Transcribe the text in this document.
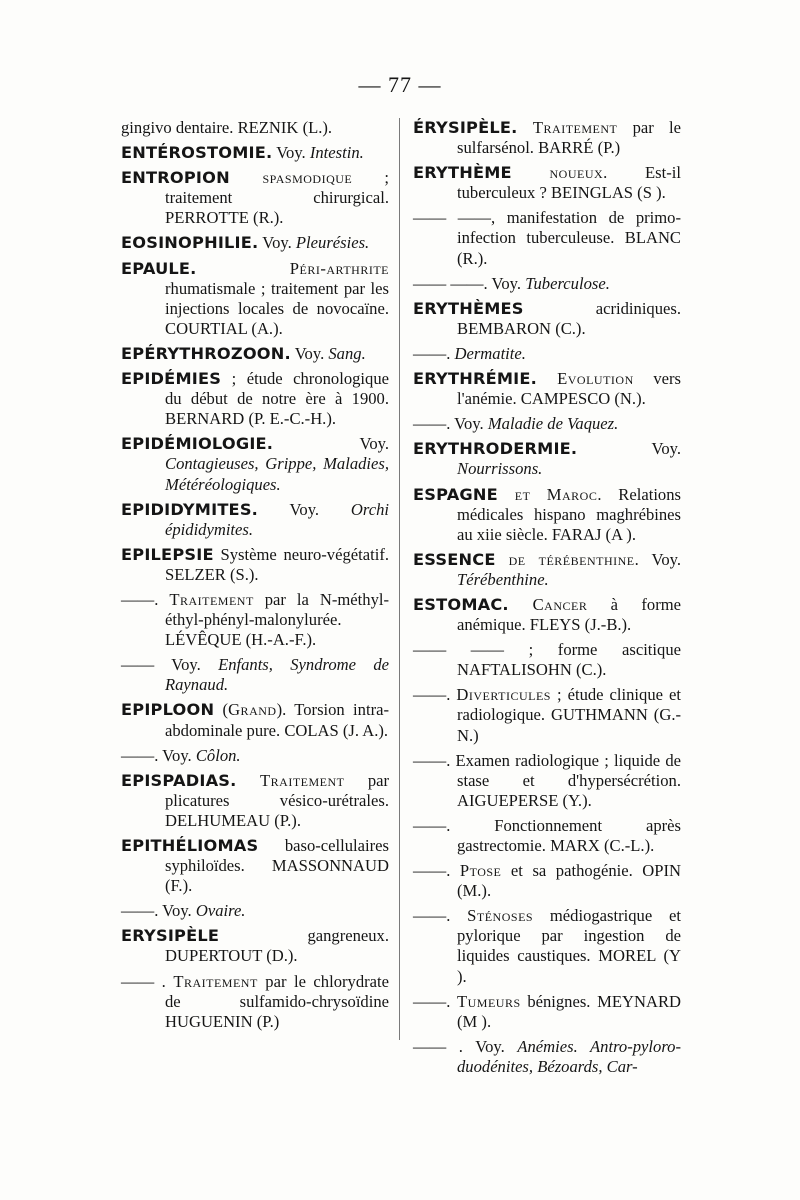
— 77 —
gingivo dentaire. REZNIK (L.).
ENTÉROSTOMIE. Voy. Intestin.
ENTROPION spasmodique ; traitement chirurgical. PERROTTE (R.).
EOSINOPHILIE. Voy. Pleurésies.
EPAULE. Péri-arthrite rhumatismale ; traitement par les injections locales de novocaïne. COURTIAL (A.).
EPÉRYTHROZOON. Voy. Sang.
EPIDÉMIES ; étude chronologique du début de notre ère à 1900. BERNARD (P. E.-C.-H.).
EPIDÉMIOLOGIE. Voy. Contagieuses, Grippe, Maladies, Météréologiques.
EPIDIDYMITES. Voy. Orchi épididymites.
EPILEPSIE Système neuro-végétatif. SELZER (S.).
——. Traitement par la N-méthyl-éthyl-phényl-malonylurée. LÉVÊQUE (H.-A.-F.).
—— Voy. Enfants, Syndrome de Raynaud.
EPIPLOON (Grand). Torsion intra-abdominale pure. COLAS (J. A.).
——. Voy. Côlon.
EPISPADIAS. Traitement par plicatures vésico-urétrales. DELHUMEAU (P.).
EPITHÉLIOMAS baso-cellulaires syphiloïdes. MASSONNAUD (F.).
——. Voy. Ovaire.
ERYSIPÈLE gangreneux. DUPERTOUT (D.).
—— . Traitement par le chlorydrate de sulfamido-chrysoïdine HUGUENIN (P.)
ÉRYSIPÈLE. Traitement par le sulfarsénol. BARRÉ (P.)
ERYTHÈME noueux. Est-il tuberculeux ? BEINGLAS (S ).
—— ——, manifestation de primo-infection tuberculeuse. BLANC (R.).
—— ——. Voy. Tuberculose.
ERYTHÈMES acridiniques. BEMBARON (C.).
——. Dermatite.
ERYTHRÉMIE. Evolution vers l'anémie. CAMPESCO (N.).
——. Voy. Maladie de Vaquez.
ERYTHRODERMIE. Voy. Nourrissons.
ESPAGNE et Maroc. Relations médicales hispano maghrébines au xiie siècle. FARAJ (A ).
ESSENCE de térébenthine. Voy. Térébenthine.
ESTOMAC. Cancer à forme anémique. FLEYS (J.-B.).
—— —— ; forme ascitique NAFTALISOHN (C.).
——. Diverticules ; étude clinique et radiologique. GUTHMANN (G.-N.)
——. Examen radiologique ; liquide de stase et d'hypersécrétion. AIGUEPERSE (Y.).
——. Fonctionnement après gastrectomie. MARX (C.-L.).
——. Ptose et sa pathogénie. OPIN (M.).
——. Sténoses médiogastrique et pylorique par ingestion de liquides caustiques. MOREL (Y ).
——. Tumeurs bénignes. MEYNARD (M ).
—— . Voy. Anémies. Antro-pyloro-duodénites, Bézoards, Car-
